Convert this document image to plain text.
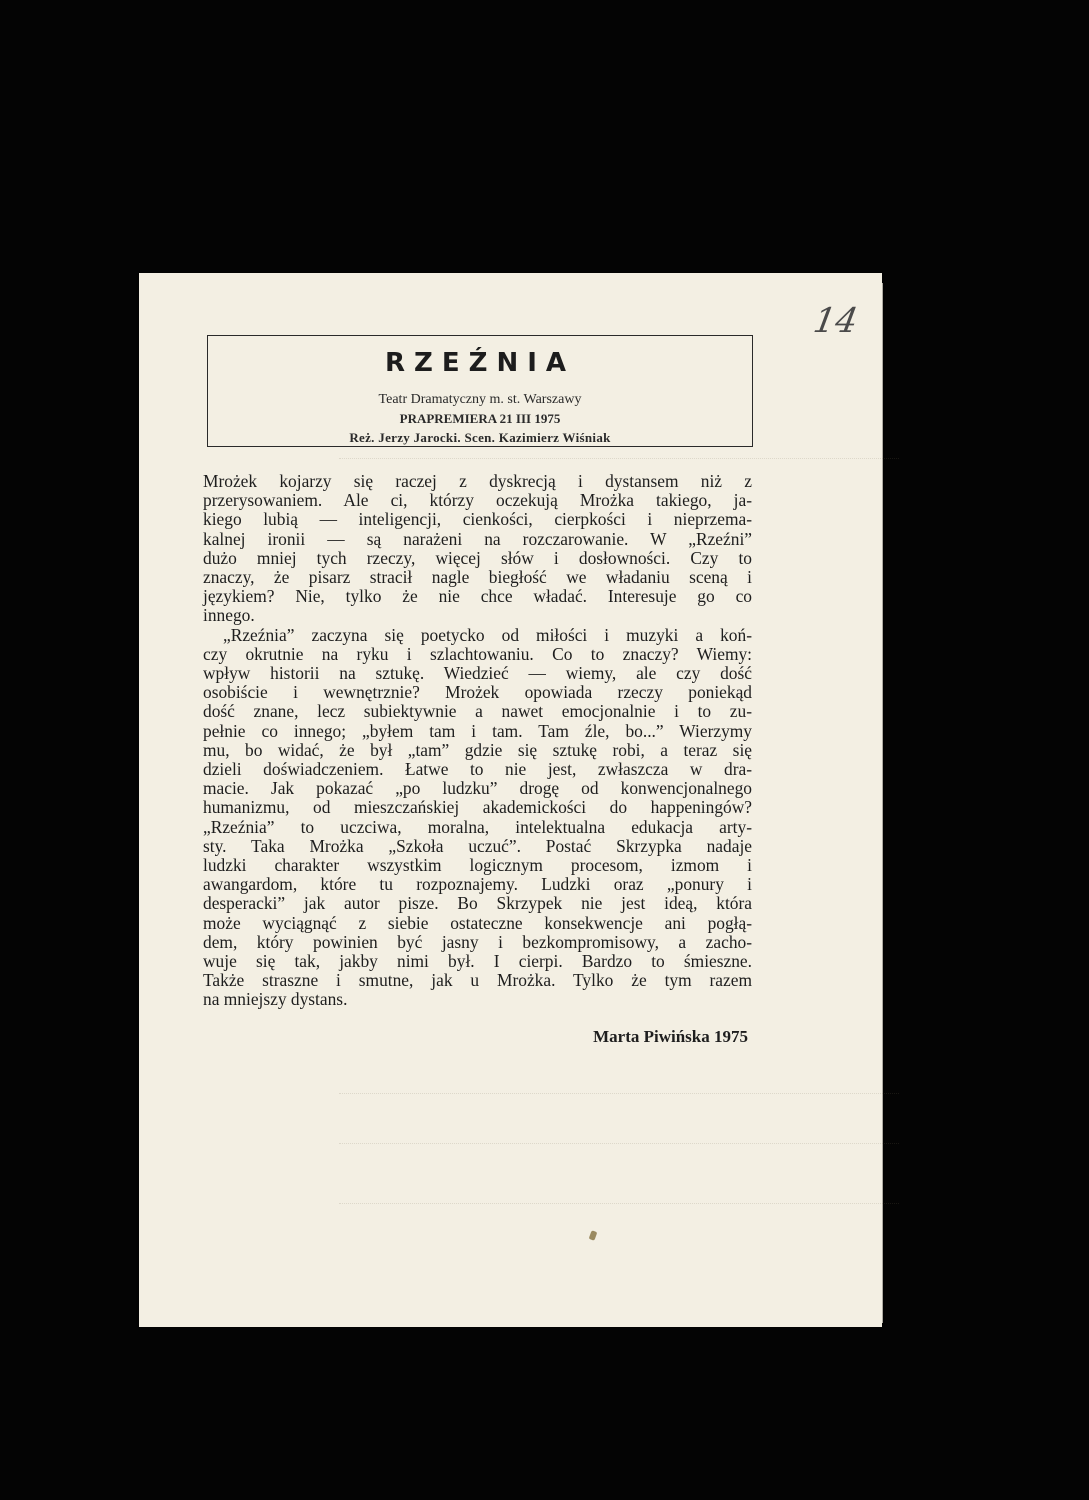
14
RZEŹNIA
Teatr Dramatyczny m. st. Warszawy
PRAPREMIERA 21 III 1975
Reż. Jerzy Jarocki. Scen. Kazimierz Wiśniak
Mrożek kojarzy się raczej z dyskrecją i dystansem niż z
przerysowaniem. Ale ci, którzy oczekują Mrożka takiego, ja-
kiego lubią — inteligencji, cienkości, cierpkości i nieprzema-
kalnej ironii — są narażeni na rozczarowanie. W „Rzeźni”
dużo mniej tych rzeczy, więcej słów i dosłowności. Czy to
znaczy, że pisarz stracił nagle biegłość we władaniu sceną i
językiem? Nie, tylko że nie chce władać. Interesuje go co
innego.
„Rzeźnia” zaczyna się poetycko od miłości i muzyki a koń-
czy okrutnie na ryku i szlachtowaniu. Co to znaczy? Wiemy:
wpływ historii na sztukę. Wiedzieć — wiemy, ale czy dość
osobiście i wewnętrznie? Mrożek opowiada rzeczy poniekąd
dość znane, lecz subiektywnie a nawet emocjonalnie i to zu-
pełnie co innego; „byłem tam i tam. Tam źle, bo...” Wierzymy
mu, bo widać, że był „tam” gdzie się sztukę robi, a teraz się
dzieli doświadczeniem. Łatwe to nie jest, zwłaszcza w dra-
macie. Jak pokazać „po ludzku” drogę od konwencjonalnego
humanizmu, od mieszczańskiej akademickości do happeningów?
„Rzeźnia” to uczciwa, moralna, intelektualna edukacja arty-
sty. Taka Mrożka „Szkoła uczuć”. Postać Skrzypka nadaje
ludzki charakter wszystkim logicznym procesom, izmom i
awangardom, które tu rozpoznajemy. Ludzki oraz „ponury i
desperacki” jak autor pisze. Bo Skrzypek nie jest ideą, która
może wyciągnąć z siebie ostateczne konsekwencje ani pogłą-
dem, który powinien być jasny i bezkompromisowy, a zacho-
wuje się tak, jakby nimi był. I cierpi. Bardzo to śmieszne.
Także straszne i smutne, jak u Mrożka. Tylko że tym razem
na mniejszy dystans.
Marta Piwińska 1975
